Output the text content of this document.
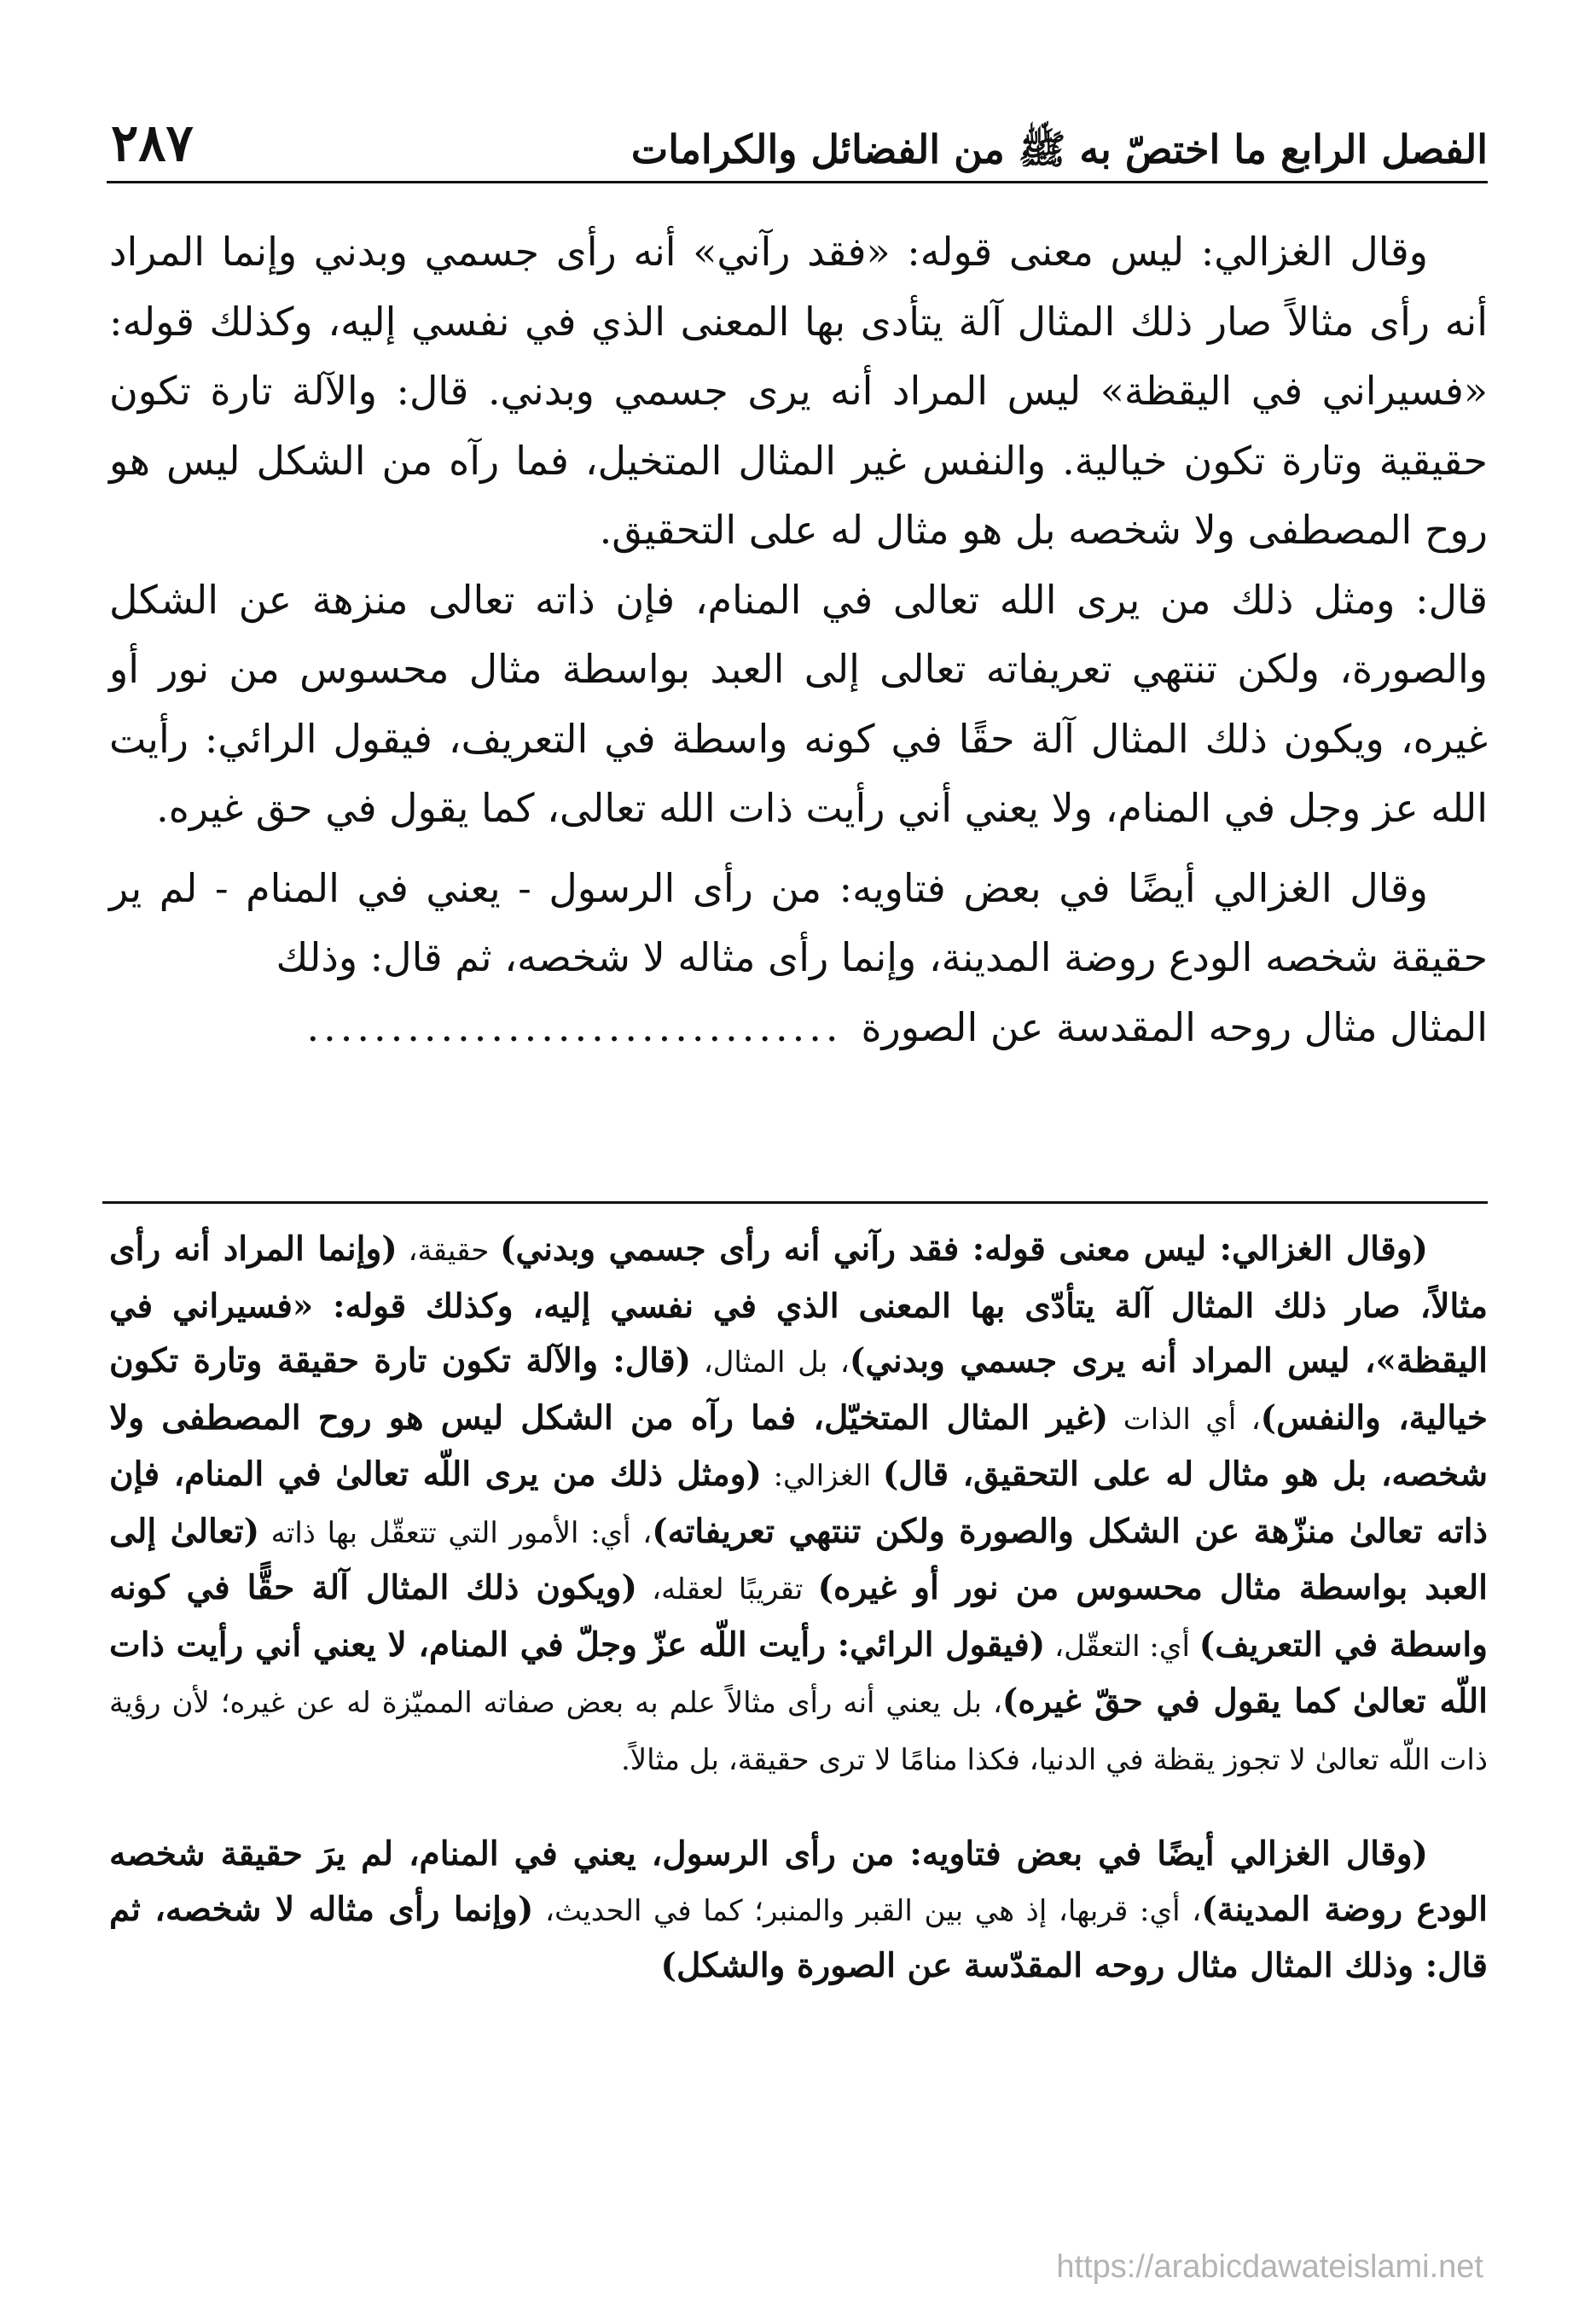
٢٨٧	الفصل الرابع ما اختصّ به ﷺ من الفضائل والكرامات

وقال الغزالي: ليس معنى قوله: «فقد رآني» أنه رأى جسمي وبدني وإنما المراد أنه رأى مثالاً صار ذلك المثال آلة يتأدى بها المعنى الذي في نفسي إليه، وكذلك قوله: «فسيراني في اليقظة» ليس المراد أنه يرى جسمي وبدني. قال: والآلة تارة تكون حقيقية وتارة تكون خيالية. والنفس غير المثال المتخيل، فما رآه من الشكل ليس هو روح المصطفى ولا شخصه بل هو مثال له على التحقيق.

قال: ومثل ذلك من يرى الله تعالى في المنام، فإن ذاته تعالى منزهة عن الشكل والصورة، ولكن تنتهي تعريفاته تعالى إلى العبد بواسطة مثال محسوس من نور أو غيره، ويكون ذلك المثال آلة حقًا في كونه واسطة في التعريف، فيقول الرائي: رأيت الله عز وجل في المنام، ولا يعني أني رأيت ذات الله تعالى، كما يقول في حق غيره.

وقال الغزالي أيضًا في بعض فتاويه: من رأى الرسول - يعني في المنام - لم ير حقيقة شخصه الودع روضة المدينة، وإنما رأى مثاله لا شخصه، ثم قال: وذلك

المثال مثال روحه المقدسة عن الصورة
................................

(وقال الغزالي: ليس معنى قوله: فقد رآني أنه رأى جسمي وبدني) حقيقة، (وإنما المراد أنه رأى مثالاً، صار ذلك المثال آلة يتأدّى بها المعنى الذي في نفسي إليه، وكذلك قوله: «فسيراني في اليقظة»، ليس المراد أنه يرى جسمي وبدني)، بل المثال، (قال: والآلة تكون تارة حقيقة وتارة تكون خيالية، والنفس)، أي الذات (غير المثال المتخيّل، فما رآه من الشكل ليس هو روح المصطفى ولا شخصه، بل هو مثال له على التحقيق، قال) الغزالي: (ومثل ذلك من يرى اللّه تعالىٰ في المنام، فإن ذاته تعالىٰ منزّهة عن الشكل والصورة ولكن تنتهي تعريفاته)، أي: الأمور التي تتعقّل بها ذاته (تعالىٰ إلى العبد بواسطة مثال محسوس من نور أو غيره) تقريبًا لعقله، (ويكون ذلك المثال آلة حقًّا في كونه واسطة في التعريف) أي: التعقّل، (فيقول الرائي: رأيت اللّه عزّ وجلّ في المنام، لا يعني أني رأيت ذات اللّه تعالىٰ كما يقول في حقّ غيره)، بل يعني أنه رأى مثالاً علم به بعض صفاته المميّزة له عن غيره؛ لأن رؤية ذات اللّه تعالىٰ لا تجوز يقظة في الدنيا، فكذا منامًا لا ترى حقيقة، بل مثالاً.

(وقال الغزالي أيضًا في بعض فتاويه: من رأى الرسول، يعني في المنام، لم يرَ حقيقة شخصه الودع روضة المدينة)، أي: قربها، إذ هي بين القبر والمنبر؛ كما في الحديث، (وإنما رأى مثاله لا شخصه، ثم قال: وذلك المثال مثال روحه المقدّسة عن الصورة والشكل)

https://arabicdawateislami.net
